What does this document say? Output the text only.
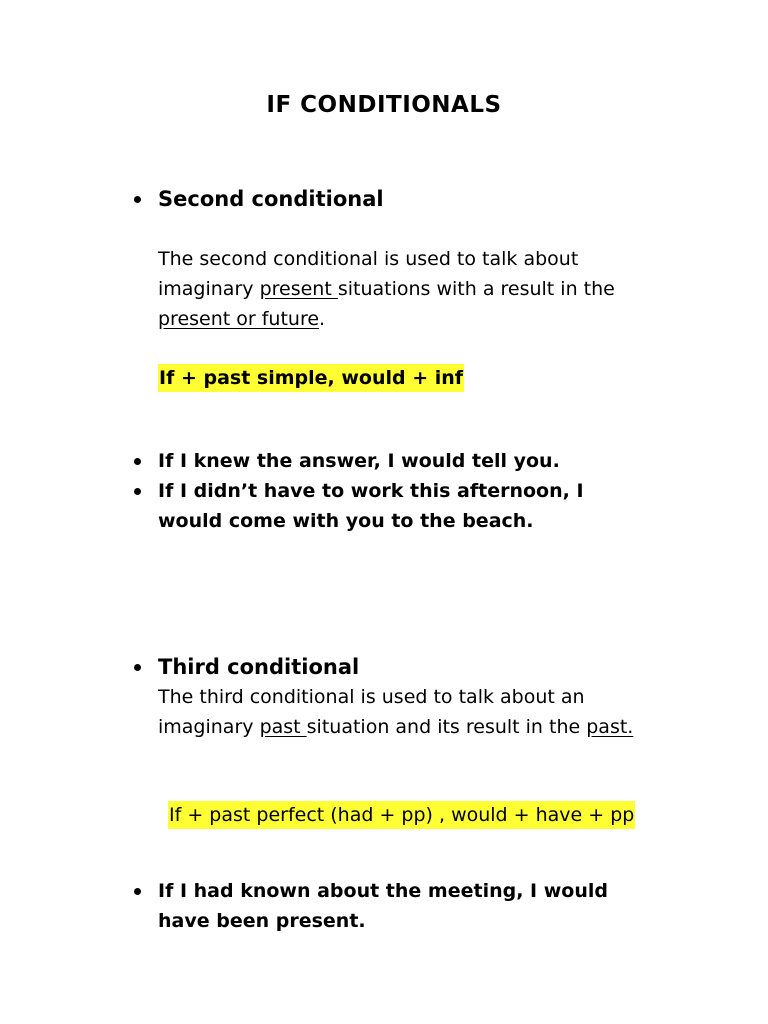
IF CONDITIONALS
Second conditional

The second conditional is used to talk about imaginary present situations with a result in the present or future.

If + past simple, would + inf

If I knew the answer, I would tell you.

If I didn’t have to work this afternoon, I would come with you to the beach.

Third conditional

The third conditional is used to talk about an imaginary past situation and its result in the past.

If + past perfect (had + pp) , would + have + pp

If I had known about the meeting, I would have been present.
